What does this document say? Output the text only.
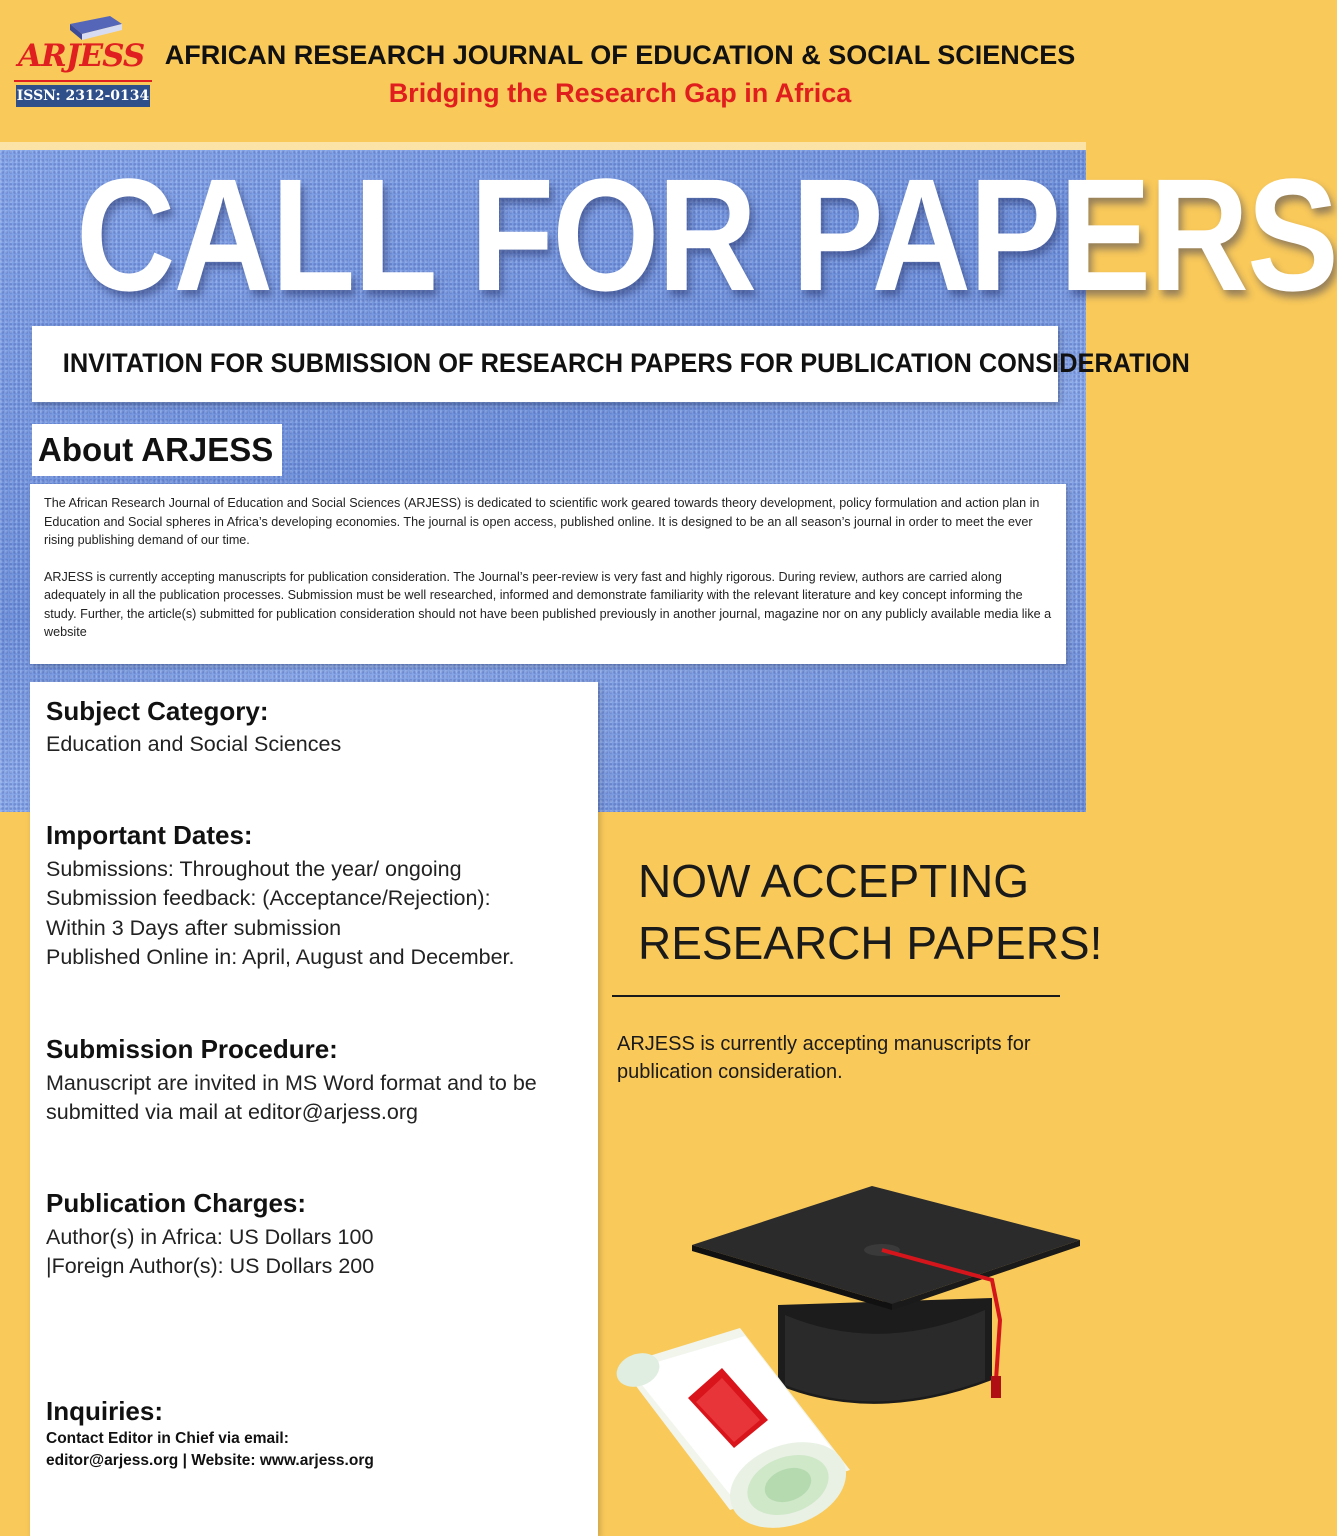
ARJESS
ISSN: 2312-0134
AFRICAN RESEARCH JOURNAL OF EDUCATION & SOCIAL SCIENCES
Bridging the Research Gap in Africa
CALL FOR PAPERS
INVITATION FOR SUBMISSION OF RESEARCH PAPERS FOR PUBLICATION CONSIDERATION
About ARJESS

The African Research Journal of Education and Social Sciences (ARJESS) is dedicated to scientific work geared towards theory development, policy formulation and action plan in Education and Social spheres in Africa’s developing economies. The journal is open access, published online. It is designed to be an all season’s journal in order to meet the ever rising publishing demand of our time.

ARJESS is currently accepting manuscripts for publication consideration. The Journal’s peer-review is very fast and highly rigorous. During review, authors are carried along adequately in all the publication processes. Submission must be well researched, informed and demonstrate familiarity with the relevant literature and key concept informing the study. Further, the article(s) submitted for publication consideration should not have been published previously in another journal, magazine nor on any publicly available media like a website

Subject Category:
Education and Social Sciences
Important Dates:
Submissions: Throughout the year/ ongoing
Submission feedback: (Acceptance/Rejection):
Within 3 Days after submission
Published Online in: April, August and December.
Submission Procedure:
Manuscript are invited in MS Word format and to be
submitted via mail at editor@arjess.org
Publication Charges:
Author(s) in Africa: US Dollars 100
|Foreign Author(s): US Dollars 200
Inquiries:
Contact Editor in Chief via email:
editor@arjess.org | Website: www.arjess.org
NOW ACCEPTING
RESEARCH PAPERS!
ARJESS is currently accepting manuscripts for publication consideration.
